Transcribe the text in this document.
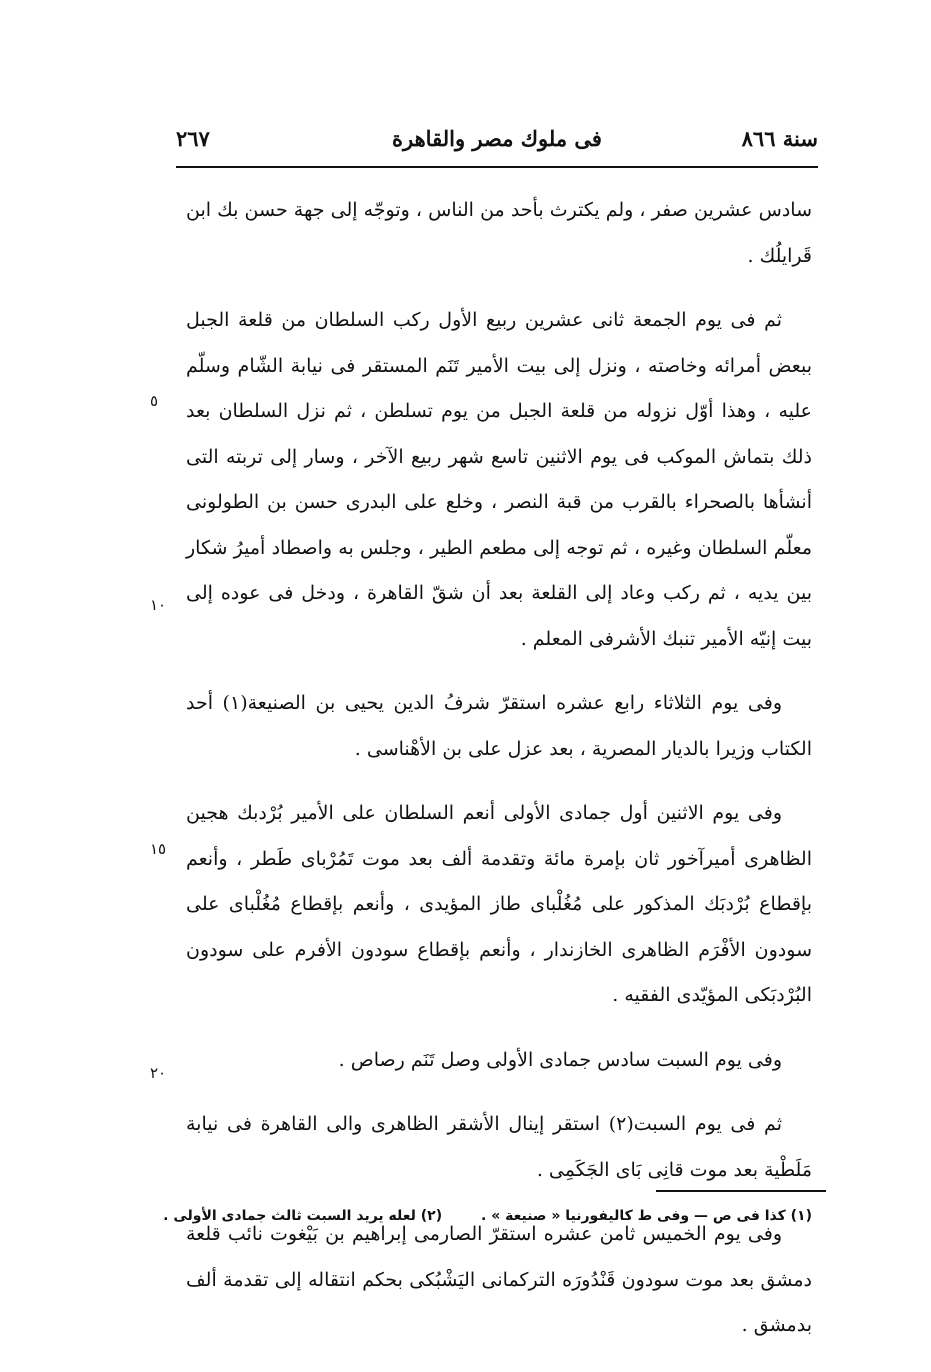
سنة ٨٦٦
فى ملوك مصر والقاهرة
٢٦٧

سادس عشرين صفر ، ولم يكترث بأحد من الناس ، وتوجّه إلى جهة حسن بك ابن قَرايلُك .

ثم فى يوم الجمعة ثانى عشرين ربيع الأول ركب السلطان من قلعة الجبل ببعض أمرائه وخاصته ، ونزل إلى بيت الأمير تَنَم المستقر فى نيابة الشّام وسلّم عليه ، وهذا أوّل نزوله من قلعة الجبل من يوم تسلطن ، ثم نزل السلطان بعد ذلك بتماش الموكب فى يوم الاثنين تاسع شهر ربيع الآخر ، وسار إلى تربته التى أنشأها بالصحراء بالقرب من قبة النصر ، وخلع على البدرى حسن بن الطولونى معلّم السلطان وغيره ، ثم توجه إلى مطعم الطير ، وجلس به واصطاد أميرُ شكار بين يديه ، ثم ركب وعاد إلى القلعة بعد أن شقّ القاهرة ، ودخل فى عوده إلى بيت إنيّه الأمير تنبك الأشرفى المعلم .

وفى يوم الثلاثاء رابع عشره استقرّ شرفُ الدين يحيى بن الصنيعة(١) أحد الكتاب وزيرا بالديار المصرية ، بعد عزل على بن الأهْناسى .

وفى يوم الاثنين أول جمادى الأولى أنعم السلطان على الأمير بُرْدبك هجين الظاهرى أميرآخور ثان بإمرة مائة وتقدمة ألف بعد موت تَمُرْباى طَطر ، وأنعم بإقطاع بُرْدبَك المذكور على مُغُلْباى طاز المؤيدى ، وأنعم بإقطاع مُغُلْباى على سودون الأفْرَم الظاهرى الخازندار ، وأنعم بإقطاع سودون الأفرم على سودون البُرْدبَكى المؤيّدى الفقيه .

وفى يوم السبت سادس جمادى الأولى وصل تَنَم رصاص .

ثم فى يوم السبت(٢) استقر إينال الأشقر الظاهرى والى القاهرة فى نيابة مَلَطْية بعد موت قانِى بَاى الجَكَمِى .

وفى يوم الخميس ثامن عشره استقرّ الصارمى إبراهيم بن بَيْغوت نائب قلعة دمشق بعد موت سودون قَنْدُورَه التركمانى اليَشْبُكى بحكم انتقاله إلى تقدمة ألف بدمشق .

٥
١٠
١٥
٢٠
(١) كذا فى ص — وفى ط كاليفورنيا « صنيعة » . (٢) لعله يريد السبت ثالث جمادى الأولى .
